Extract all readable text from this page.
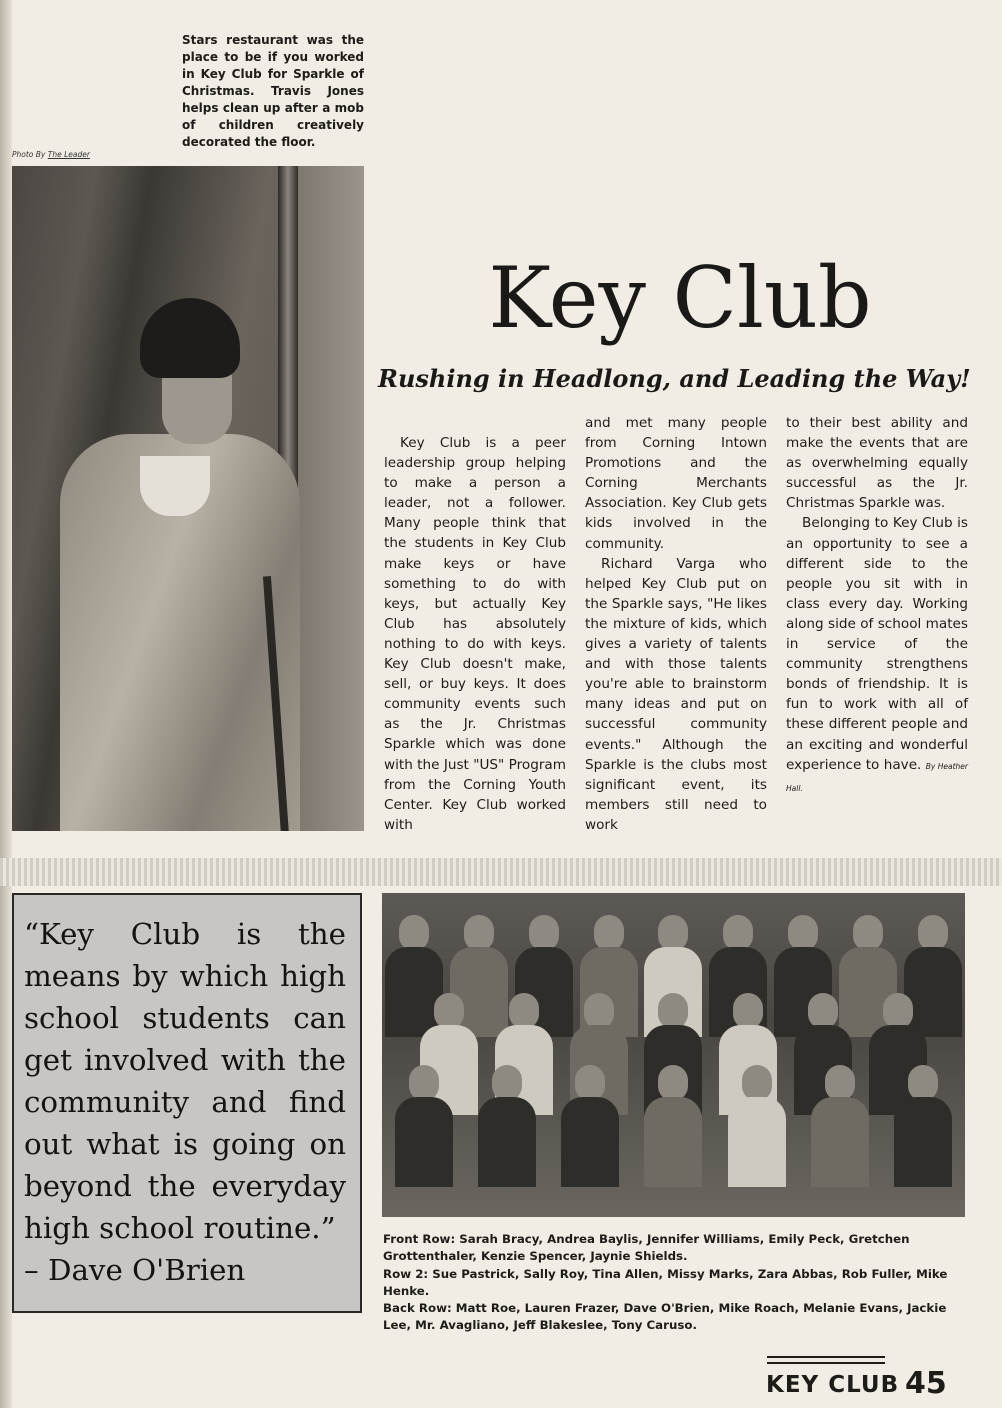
Stars restaurant was the place to be if you worked in Key Club for Sparkle of Christmas. Travis Jones helps clean up after a mob of children creatively decorated the floor.
Photo By The Leader
Key Club
Rushing in Headlong, and Leading the Way!

Key Club is a peer leadership group helping to make a person a leader, not a follower. Many people think that the students in Key Club make keys or have something to do with keys, but actually Key Club has absolutely nothing to do with keys. Key Club doesn't make, sell, or buy keys. It does community events such as the Jr. Christmas Sparkle which was done with the Just "US" Program from the Corning Youth Center. Key Club worked with

and met many people from Corning Intown Promotions and the Corning Merchants Association. Key Club gets kids involved in the community.

Richard Varga who helped Key Club put on the Sparkle says, "He likes the mixture of kids, which gives a variety of talents and with those talents you're able to brainstorm many ideas and put on successful community events." Although the Sparkle is the clubs most significant event, its members still need to work

to their best ability and make the events that are as overwhelming equally successful as the Jr. Christmas Sparkle was.

Belonging to Key Club is an opportunity to see a different side to the people you sit with in class every day. Working along side of school mates in service of the community strengthens bonds of friendship. It is fun to work with all of these different people and an exciting and wonderful experience to have. By Heather Hall.

“Key Club is the means by which high school students can get involved with the community and find out what is going on beyond the everyday high school routine.”
– Dave O'Brien

Front Row: Sarah Bracy, Andrea Baylis, Jennifer Williams, Emily Peck, Gretchen Grottenthaler, Kenzie Spencer, Jaynie Shields.

Row 2: Sue Pastrick, Sally Roy, Tina Allen, Missy Marks, Zara Abbas, Rob Fuller, Mike Henke.

Back Row: Matt Roe, Lauren Frazer, Dave O'Brien, Mike Roach, Melanie Evans, Jackie Lee, Mr. Avagliano, Jeff Blakeslee, Tony Caruso.

KEY CLUB 45
